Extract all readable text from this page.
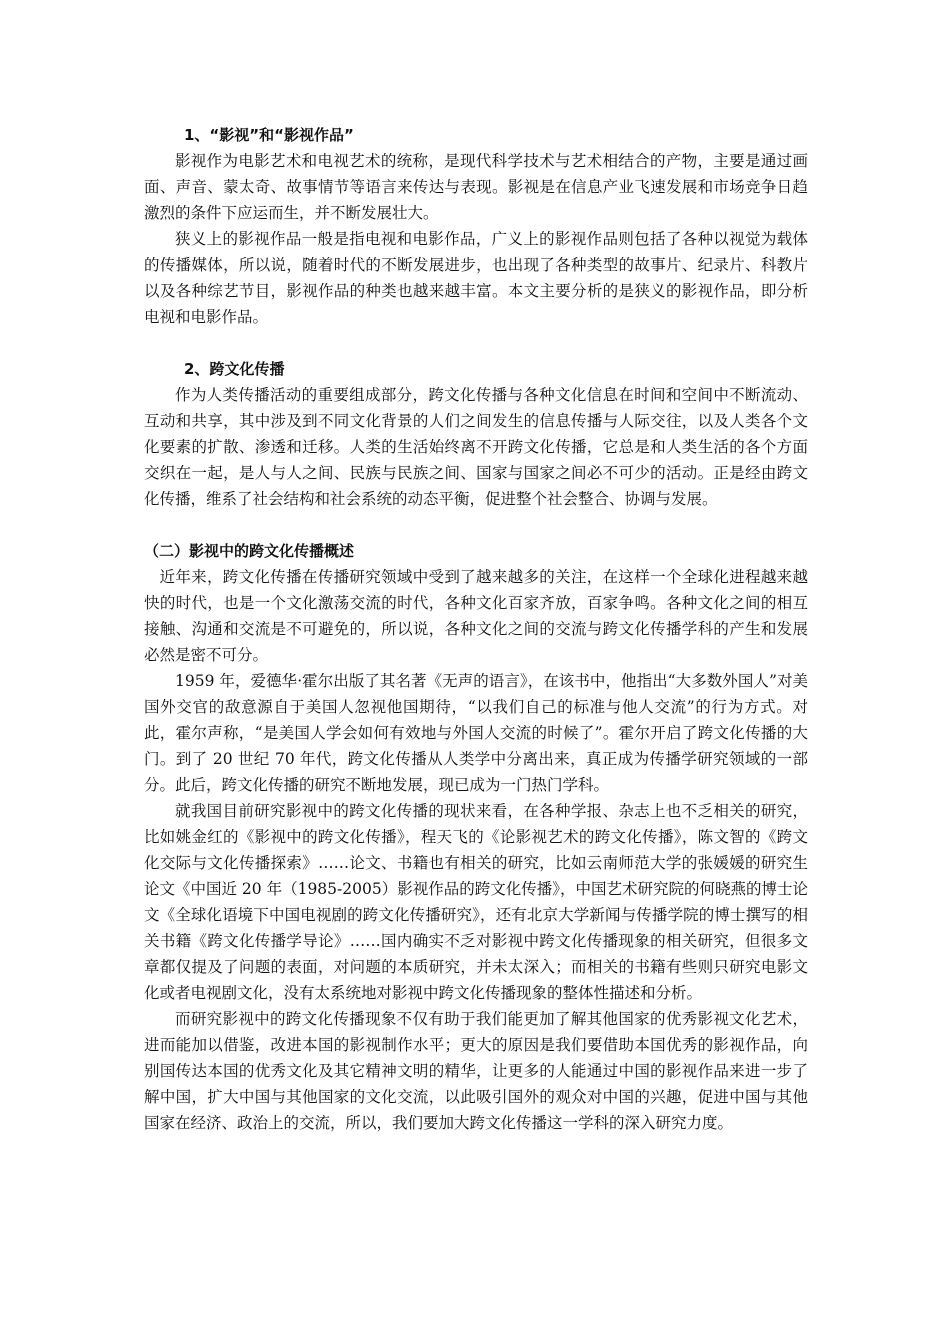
1、“影视”和“影视作品”

影视作为电影艺术和电视艺术的统称，是现代科学技术与艺术相结合的产物，主要是通过画面、声音、蒙太奇、故事情节等语言来传达与表现。影视是在信息产业飞速发展和市场竞争日趋激烈的条件下应运而生，并不断发展壮大。

狭义上的影视作品一般是指电视和电影作品，广义上的影视作品则包括了各种以视觉为载体的传播媒体，所以说，随着时代的不断发展进步，也出现了各种类型的故事片、纪录片、科教片以及各种综艺节目，影视作品的种类也越来越丰富。本文主要分析的是狭义的影视作品，即分析电视和电影作品。

2、跨文化传播

作为人类传播活动的重要组成部分，跨文化传播与各种文化信息在时间和空间中不断流动、互动和共享，其中涉及到不同文化背景的人们之间发生的信息传播与人际交往，以及人类各个文化要素的扩散、渗透和迁移。人类的生活始终离不开跨文化传播，它总是和人类生活的各个方面交织在一起，是人与人之间、民族与民族之间、国家与国家之间必不可少的活动。正是经由跨文化传播，维系了社会结构和社会系统的动态平衡，促进整个社会整合、协调与发展。

（二）影视中的跨文化传播概述

近年来，跨文化传播在传播研究领域中受到了越来越多的关注，在这样一个全球化进程越来越快的时代，也是一个文化激荡交流的时代，各种文化百家齐放，百家争鸣。各种文化之间的相互接触、沟通和交流是不可避免的，所以说，各种文化之间的交流与跨文化传播学科的产生和发展必然是密不可分。

1959 年，爱德华·霍尔出版了其名著《无声的语言》，在该书中，他指出“大多数外国人”对美国外交官的敌意源自于美国人忽视他国期待，“以我们自己的标准与他人交流”的行为方式。对此，霍尔声称，“是美国人学会如何有效地与外国人交流的时候了”。霍尔开启了跨文化传播的大门。到了 20 世纪 70 年代，跨文化传播从人类学中分离出来，真正成为传播学研究领域的一部分。此后，跨文化传播的研究不断地发展，现已成为一门热门学科。

就我国目前研究影视中的跨文化传播的现状来看，在各种学报、杂志上也不乏相关的研究，比如姚金红的《影视中的跨文化传播》，程天飞的《论影视艺术的跨文化传播》，陈文智的《跨文化交际与文化传播探索》……论文、书籍也有相关的研究，比如云南师范大学的张媛媛的研究生论文《中国近 20 年（1985-2005）影视作品的跨文化传播》，中国艺术研究院的何晓燕的博士论文《全球化语境下中国电视剧的跨文化传播研究》，还有北京大学新闻与传播学院的博士撰写的相关书籍《跨文化传播学导论》……国内确实不乏对影视中跨文化传播现象的相关研究，但很多文章都仅提及了问题的表面，对问题的本质研究，并未太深入；而相关的书籍有些则只研究电影文化或者电视剧文化，没有太系统地对影视中跨文化传播现象的整体性描述和分析。

而研究影视中的跨文化传播现象不仅有助于我们能更加了解其他国家的优秀影视文化艺术，进而能加以借鉴，改进本国的影视制作水平；更大的原因是我们要借助本国优秀的影视作品，向别国传达本国的优秀文化及其它精神文明的精华，让更多的人能通过中国的影视作品来进一步了解中国，扩大中国与其他国家的文化交流，以此吸引国外的观众对中国的兴趣，促进中国与其他国家在经济、政治上的交流，所以，我们要加大跨文化传播这一学科的深入研究力度。
